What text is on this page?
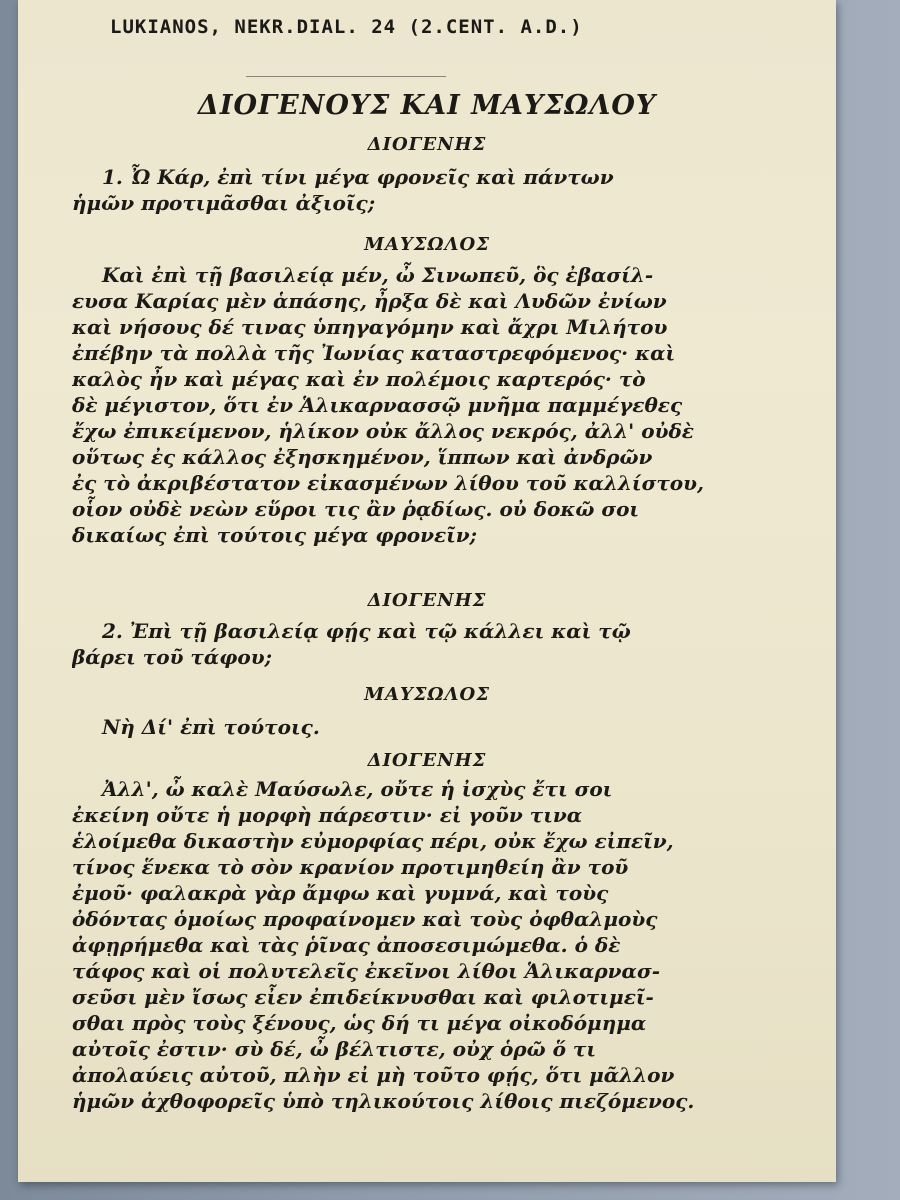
LUKIANOS, NEKR.DIAL. 24 (2.CENT. A.D.)
ΔΙΟΓΕΝΟΥΣ ΚΑΙ ΜΑΥΣΩΛΟΥ
ΔΙΟΓΕΝΗΣ
1. Ὦ Κάρ, ἐπὶ τίνι μέγα φρονεῖς καὶ πάντων
ἡμῶν προτιμᾶσθαι ἀξιοῖς;
ΜΑΥΣΩΛΟΣ
Καὶ ἐπὶ τῇ βασιλείᾳ μέν, ὦ Σινωπεῦ, ὃς ἐβασίλ-
ευσα Καρίας μὲν ἁπάσης, ἦρξα δὲ καὶ Λυδῶν ἐνίων
καὶ νήσους δέ τινας ὑπηγαγόμην καὶ ἄχρι Μιλήτου
ἐπέβην τὰ πολλὰ τῆς Ἰωνίας καταστρεφόμενος· καὶ
καλὸς ἦν καὶ μέγας καὶ ἐν πολέμοις καρτερός· τὸ
δὲ μέγιστον, ὅτι ἐν Ἁλικαρνασσῷ μνῆμα παμμέγεθες
ἔχω ἐπικείμενον, ἡλίκον οὐκ ἄλλος νεκρός, ἀλλ' οὐδὲ
οὕτως ἐς κάλλος ἐξησκημένον, ἵππων καὶ ἀνδρῶν
ἐς τὸ ἀκριβέστατον εἰκασμένων λίθου τοῦ καλλίστου,
οἷον οὐδὲ νεὼν εὕροι τις ἂν ῥᾳδίως. οὐ δοκῶ σοι
δικαίως ἐπὶ τούτοις μέγα φρονεῖν;
ΔΙΟΓΕΝΗΣ
2. Ἐπὶ τῇ βασιλείᾳ φῄς καὶ τῷ κάλλει καὶ τῷ
βάρει τοῦ τάφου;
ΜΑΥΣΩΛΟΣ
Νὴ Δί' ἐπὶ τούτοις.
ΔΙΟΓΕΝΗΣ
Ἀλλ', ὦ καλὲ Μαύσωλε, οὔτε ἡ ἰσχὺς ἔτι σοι
ἐκείνη οὔτε ἡ μορφὴ πάρεστιν· εἰ γοῦν τινα
ἑλοίμεθα δικαστὴν εὐμορφίας πέρι, οὐκ ἔχω εἰπεῖν,
τίνος ἕνεκα τὸ σὸν κρανίον προτιμηθείη ἂν τοῦ
ἐμοῦ· φαλακρὰ γὰρ ἄμφω καὶ γυμνά, καὶ τοὺς
ὀδόντας ὁμοίως προφαίνομεν καὶ τοὺς ὀφθαλμοὺς
ἀφῃρήμεθα καὶ τὰς ῥῖνας ἀποσεσιμώμεθα. ὁ δὲ
τάφος καὶ οἱ πολυτελεῖς ἐκεῖνοι λίθοι Ἁλικαρνασ-
σεῦσι μὲν ἴσως εἶεν ἐπιδείκνυσθαι καὶ φιλοτιμεῖ-
σθαι πρὸς τοὺς ξένους, ὡς δή τι μέγα οἰκοδόμημα
αὐτοῖς ἐστιν· σὺ δέ, ὦ βέλτιστε, οὐχ ὁρῶ ὅ τι
ἀπολαύεις αὐτοῦ, πλὴν εἰ μὴ τοῦτο φῄς, ὅτι μᾶλλον
ἡμῶν ἀχθοφορεῖς ὑπὸ τηλικούτοις λίθοις πιεζόμενος.
